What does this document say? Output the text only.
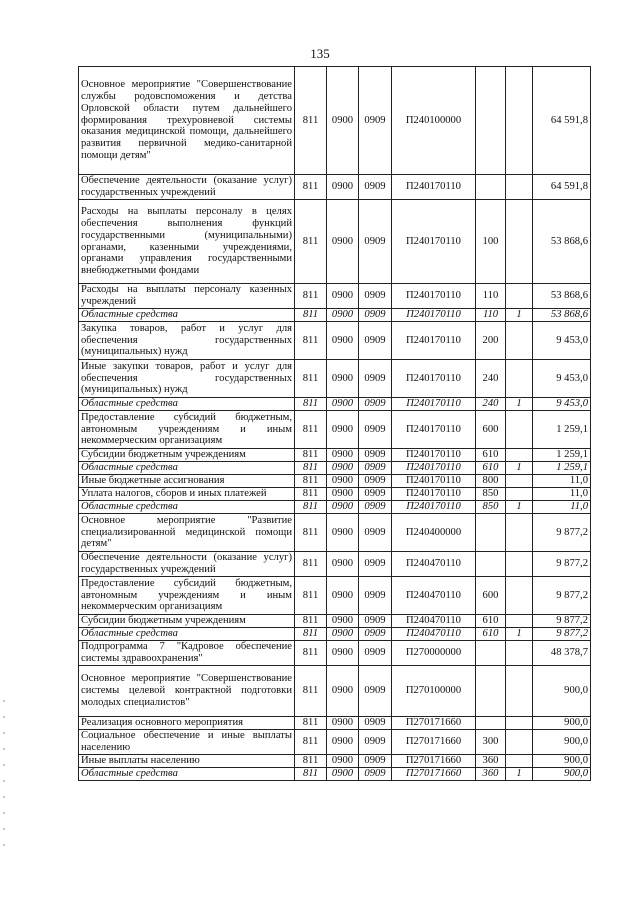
135
Основное мероприятие "Совершенствование службы родовспоможения и детства Орловской области путем дальнейшего формирования трехуровневой системы оказания медицинской помощи, дальнейшего развития первичной медико-санитарной помощи детям"	811	0900	0909	П240100000			64 591,8
Обеспечение деятельности (оказание услуг) государственных учреждений	811	0900	0909	П240170110			64 591,8
Расходы на выплаты персоналу в целях обеспечения выполнения функций государственными (муниципальными) органами, казенными учреждениями, органами управления государственными внебюджетными фондами	811	0900	0909	П240170110	100		53 868,6
Расходы на выплаты персоналу казенных учреждений	811	0900	0909	П240170110	110		53 868,6
Областные средства	811	0900	0909	П240170110	110	1	53 868,6
Закупка товаров, работ и услуг для обеспечения государственных (муниципальных) нужд	811	0900	0909	П240170110	200		9 453,0
Иные закупки товаров, работ и услуг для обеспечения государственных (муниципальных) нужд	811	0900	0909	П240170110	240		9 453,0
Областные средства	811	0900	0909	П240170110	240	1	9 453,0
Предоставление субсидий бюджетным, автономным учреждениям и иным некоммерческим организациям	811	0900	0909	П240170110	600		1 259,1
Субсидии бюджетным учреждениям	811	0900	0909	П240170110	610		1 259,1
Областные средства	811	0900	0909	П240170110	610	1	1 259,1
Иные бюджетные ассигнования	811	0900	0909	П240170110	800		11,0
Уплата налогов, сборов и иных платежей	811	0900	0909	П240170110	850		11,0
Областные средства	811	0900	0909	П240170110	850	1	11,0
Основное мероприятие "Развитие специализированной медицинской помощи детям"	811	0900	0909	П240400000			9 877,2
Обеспечение деятельности (оказание услуг) государственных учреждений	811	0900	0909	П240470110			9 877,2
Предоставление субсидий бюджетным, автономным учреждениям и иным некоммерческим организациям	811	0900	0909	П240470110	600		9 877,2
Субсидии бюджетным учреждениям	811	0900	0909	П240470110	610		9 877,2
Областные средства	811	0900	0909	П240470110	610	1	9 877,2
Подпрограмма 7 "Кадровое обеспечение системы здравоохранения"	811	0900	0909	П270000000			48 378,7
Основное мероприятие "Совершенствование системы целевой контрактной подготовки молодых специалистов"	811	0900	0909	П270100000			900,0
Реализация основного мероприятия	811	0900	0909	П270171660			900,0
Социальное обеспечение и иные выплаты населению	811	0900	0909	П270171660	300		900,0
Иные выплаты населению	811	0900	0909	П270171660	360		900,0
Областные средства	811	0900	0909	П270171660	360	1	900,0
